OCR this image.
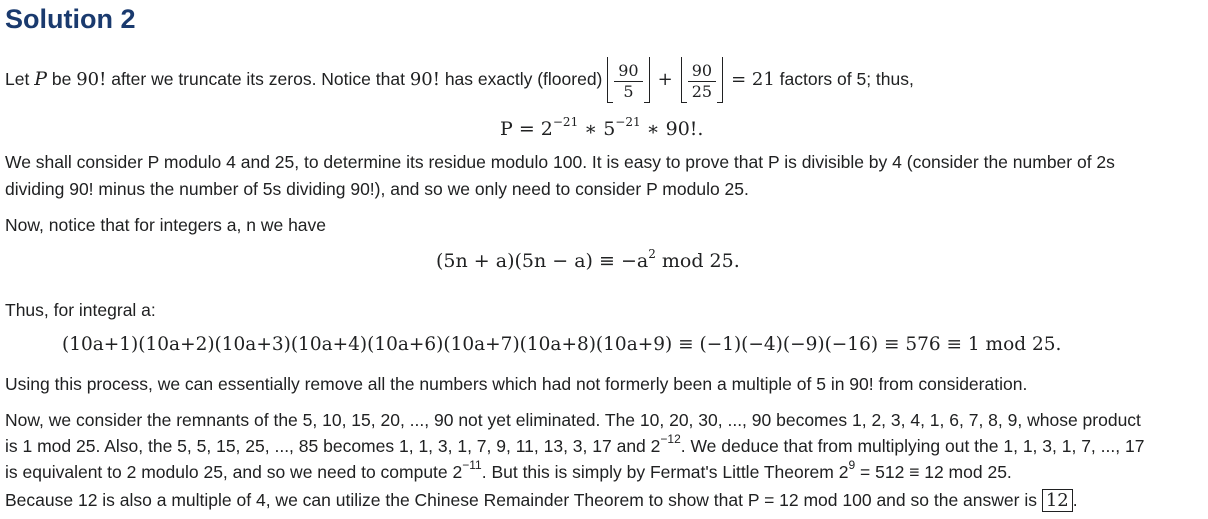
Solution 2
Let P be 90! after we truncate its zeros. Notice that 90! has exactly (floored) $\frac{90}{5} + \frac{90}{25} = 21$ factors of 5; thus,
$P = 2^{-21}$ ∗ $5^{-21}$ ∗ 90!.
We shall consider P modulo 4 and 25, to determine its residue modulo 100. It is easy to prove that P is divisible by 4 (consider the number of 2s
dividing 90! minus the number of 5s dividing 90!), and so we only need to consider P modulo 25.
Now, notice that for integers a, n we have
$(5n + a)(5n - a) \equiv -a^2$ mod 25.
Thus, for integral a:
(10a+1)(10a+2)(10a+3)(10a+4)(10a+6)(10a+7)(10a+8)(10a+9) ≡ (−1)(−4)(−9)(−16) ≡ 576 ≡ 1 mod 25.
Using this process, we can essentially remove all the numbers which had not formerly been a multiple of 5 in 90! from consideration.
Now, we consider the remnants of the 5, 10, 15, 20, ..., 90 not yet eliminated. The 10, 20, 30, ..., 90 becomes 1, 2, 3, 4, 1, 6, 7, 8, 9, whose product
is 1 mod 25. Also, the 5, 5, 15, 25, ..., 85 becomes 1, 1, 3, 1, 7, 9, 11, 13, 3, 17 and $2^{-12}$. We deduce that from multiplying out the 1, 1, 3, 1, 7, ..., 17
is equivalent to 2 modulo 25, and so we need to compute $2^{-11}$. But this is simply by Fermat's Little Theorem $2^9 = 512 \equiv 12$ mod 25.
Because 12 is also a multiple of 4, we can utilize the Chinese Remainder Theorem to show that P = 12 mod 100 and so the answer is 12 .
